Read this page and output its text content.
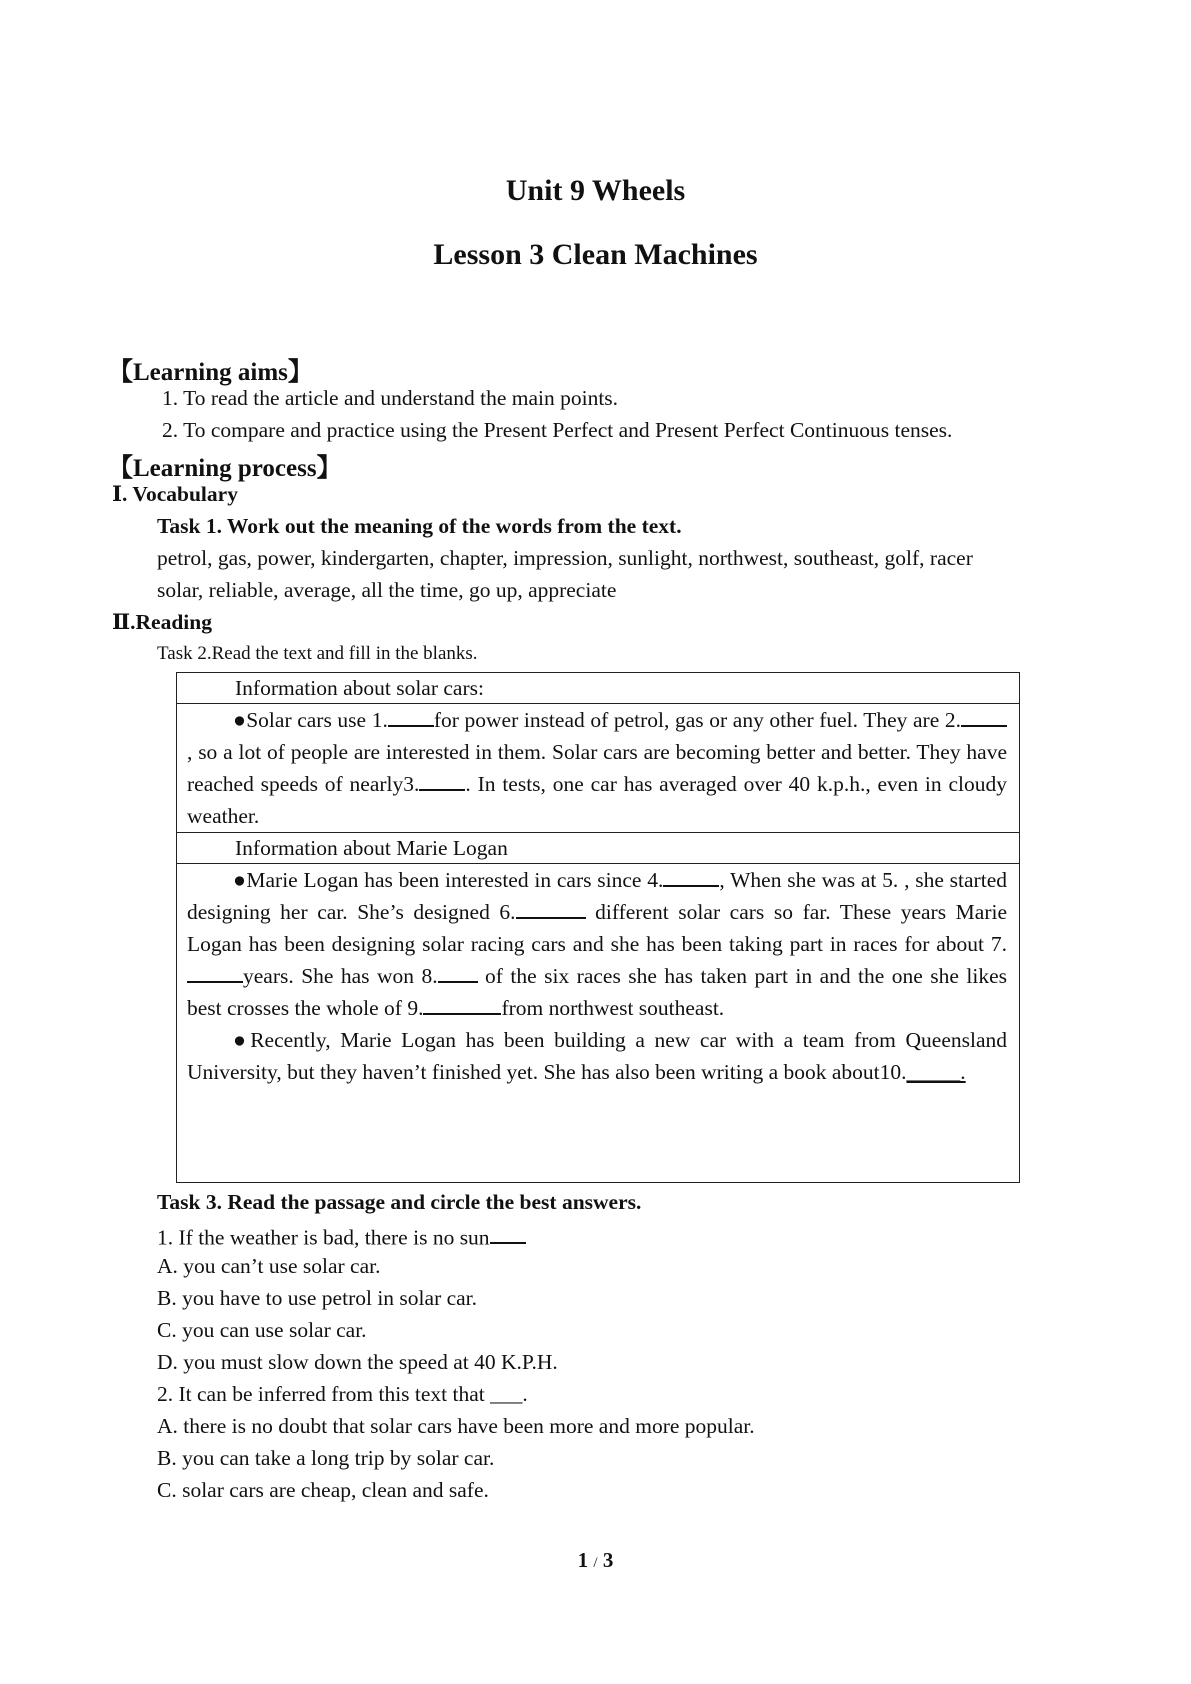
Unit 9 Wheels
Lesson 3 Clean Machines
【Learning aims】
1. To read the article and understand the main points.
2. To compare and practice using the Present Perfect and Present Perfect Continuous tenses.
【Learning process】
Ⅰ. Vocabulary
Task 1. Work out the meaning of the words from the text.
petrol, gas, power, kindergarten, chapter, impression, sunlight, northwest, southeast, golf, racer
solar, reliable, average, all the time, go up, appreciate
Ⅱ.Reading
Task 2.Read the text and fill in the blanks.
Information about solar cars:

●Solar cars use 1. for power instead of petrol, gas or any other fuel. They are 2., so a lot of people are interested in them. Solar cars are becoming better and better. They have reached speeds of nearly3. . In tests, one car has averaged over 40 k.p.h., even in cloudy weather.

Information about Marie Logan

●Marie Logan has been interested in cars since 4.	, When she was at 5. , she started designing her car. She’s designed 6.	different solar cars so far. These years Marie Logan has been designing solar racing cars and she has been taking part in races for about 7.years. She has won 8. of the six races she has taken part in and the one she likes best crosses the whole of 9.	from northwest southeast.
●Recently, Marie Logan has been building a new car with a team from Queensland University, but they haven’t finished yet. She has also been writing a book about10._____.
Task 3. Read the passage and circle the best answers.
1. If the weather is bad, there is no sun
A. you can’t use solar car.
B. you have to use petrol in solar car.
C. you can use solar car.
D. you must slow down the speed at 40 K.P.H.
2. It can be inferred from this text that ___.
A. there is no doubt that solar cars have been more and more popular.
B. you can take a long trip by solar car.
C. solar cars are cheap, clean and safe.
1 / 3
